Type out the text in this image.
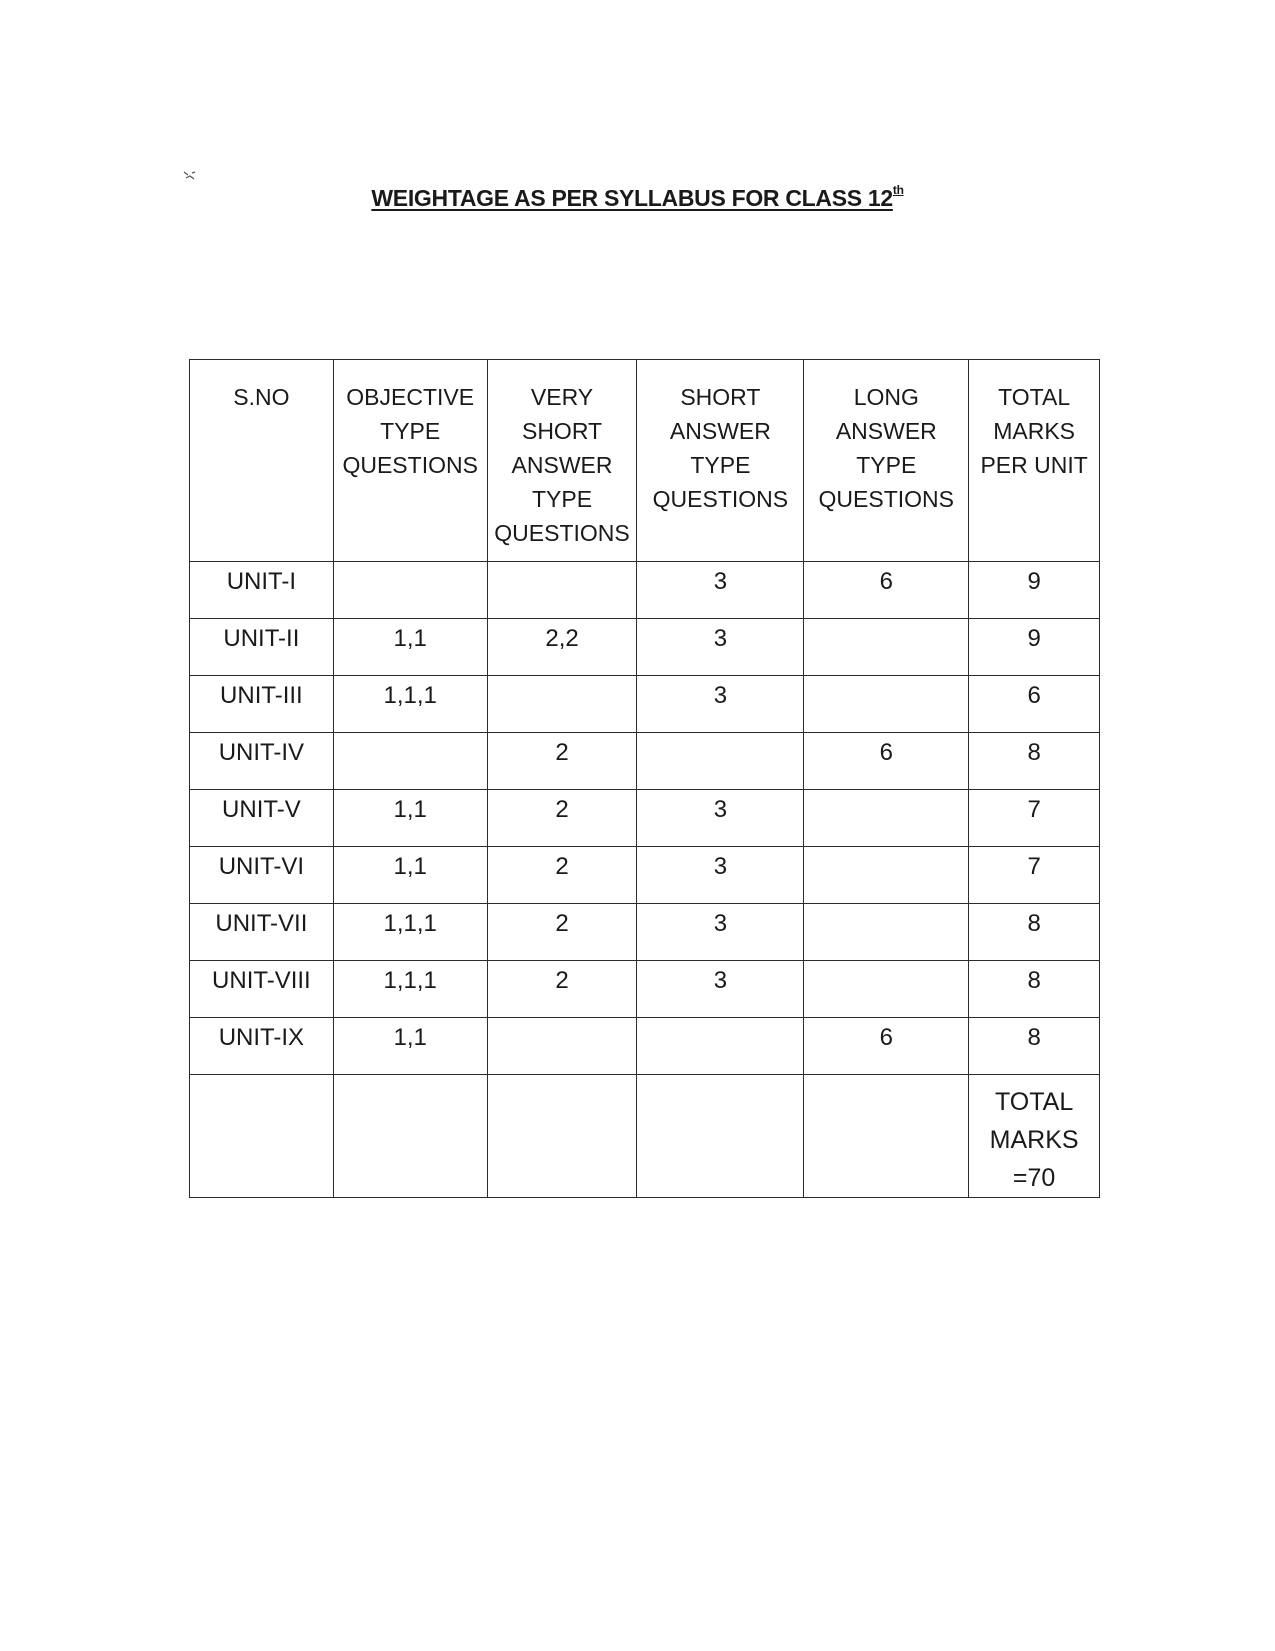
WEIGHTAGE AS PER SYLLABUS FOR CLASS 12th
S.NO	OBJECTIVE
TYPE
QUESTIONS	VERY
SHORT
ANSWER
TYPE
QUESTIONS	SHORT
ANSWER
TYPE
QUESTIONS	LONG
ANSWER
TYPE
QUESTIONS	TOTAL
MARKS
PER UNIT

UNIT-I			3	6	9
UNIT-II	1,1	2,2	3		9
UNIT-III	1,1,1		3		6
UNIT-IV		2		6	8
UNIT-V	1,1	2	3		7
UNIT-VI	1,1	2	3		7
UNIT-VII	1,1,1	2	3		8
UNIT-VIII	1,1,1	2	3		8
UNIT-IX	1,1			6	8

					TOTAL
MARKS
=70
